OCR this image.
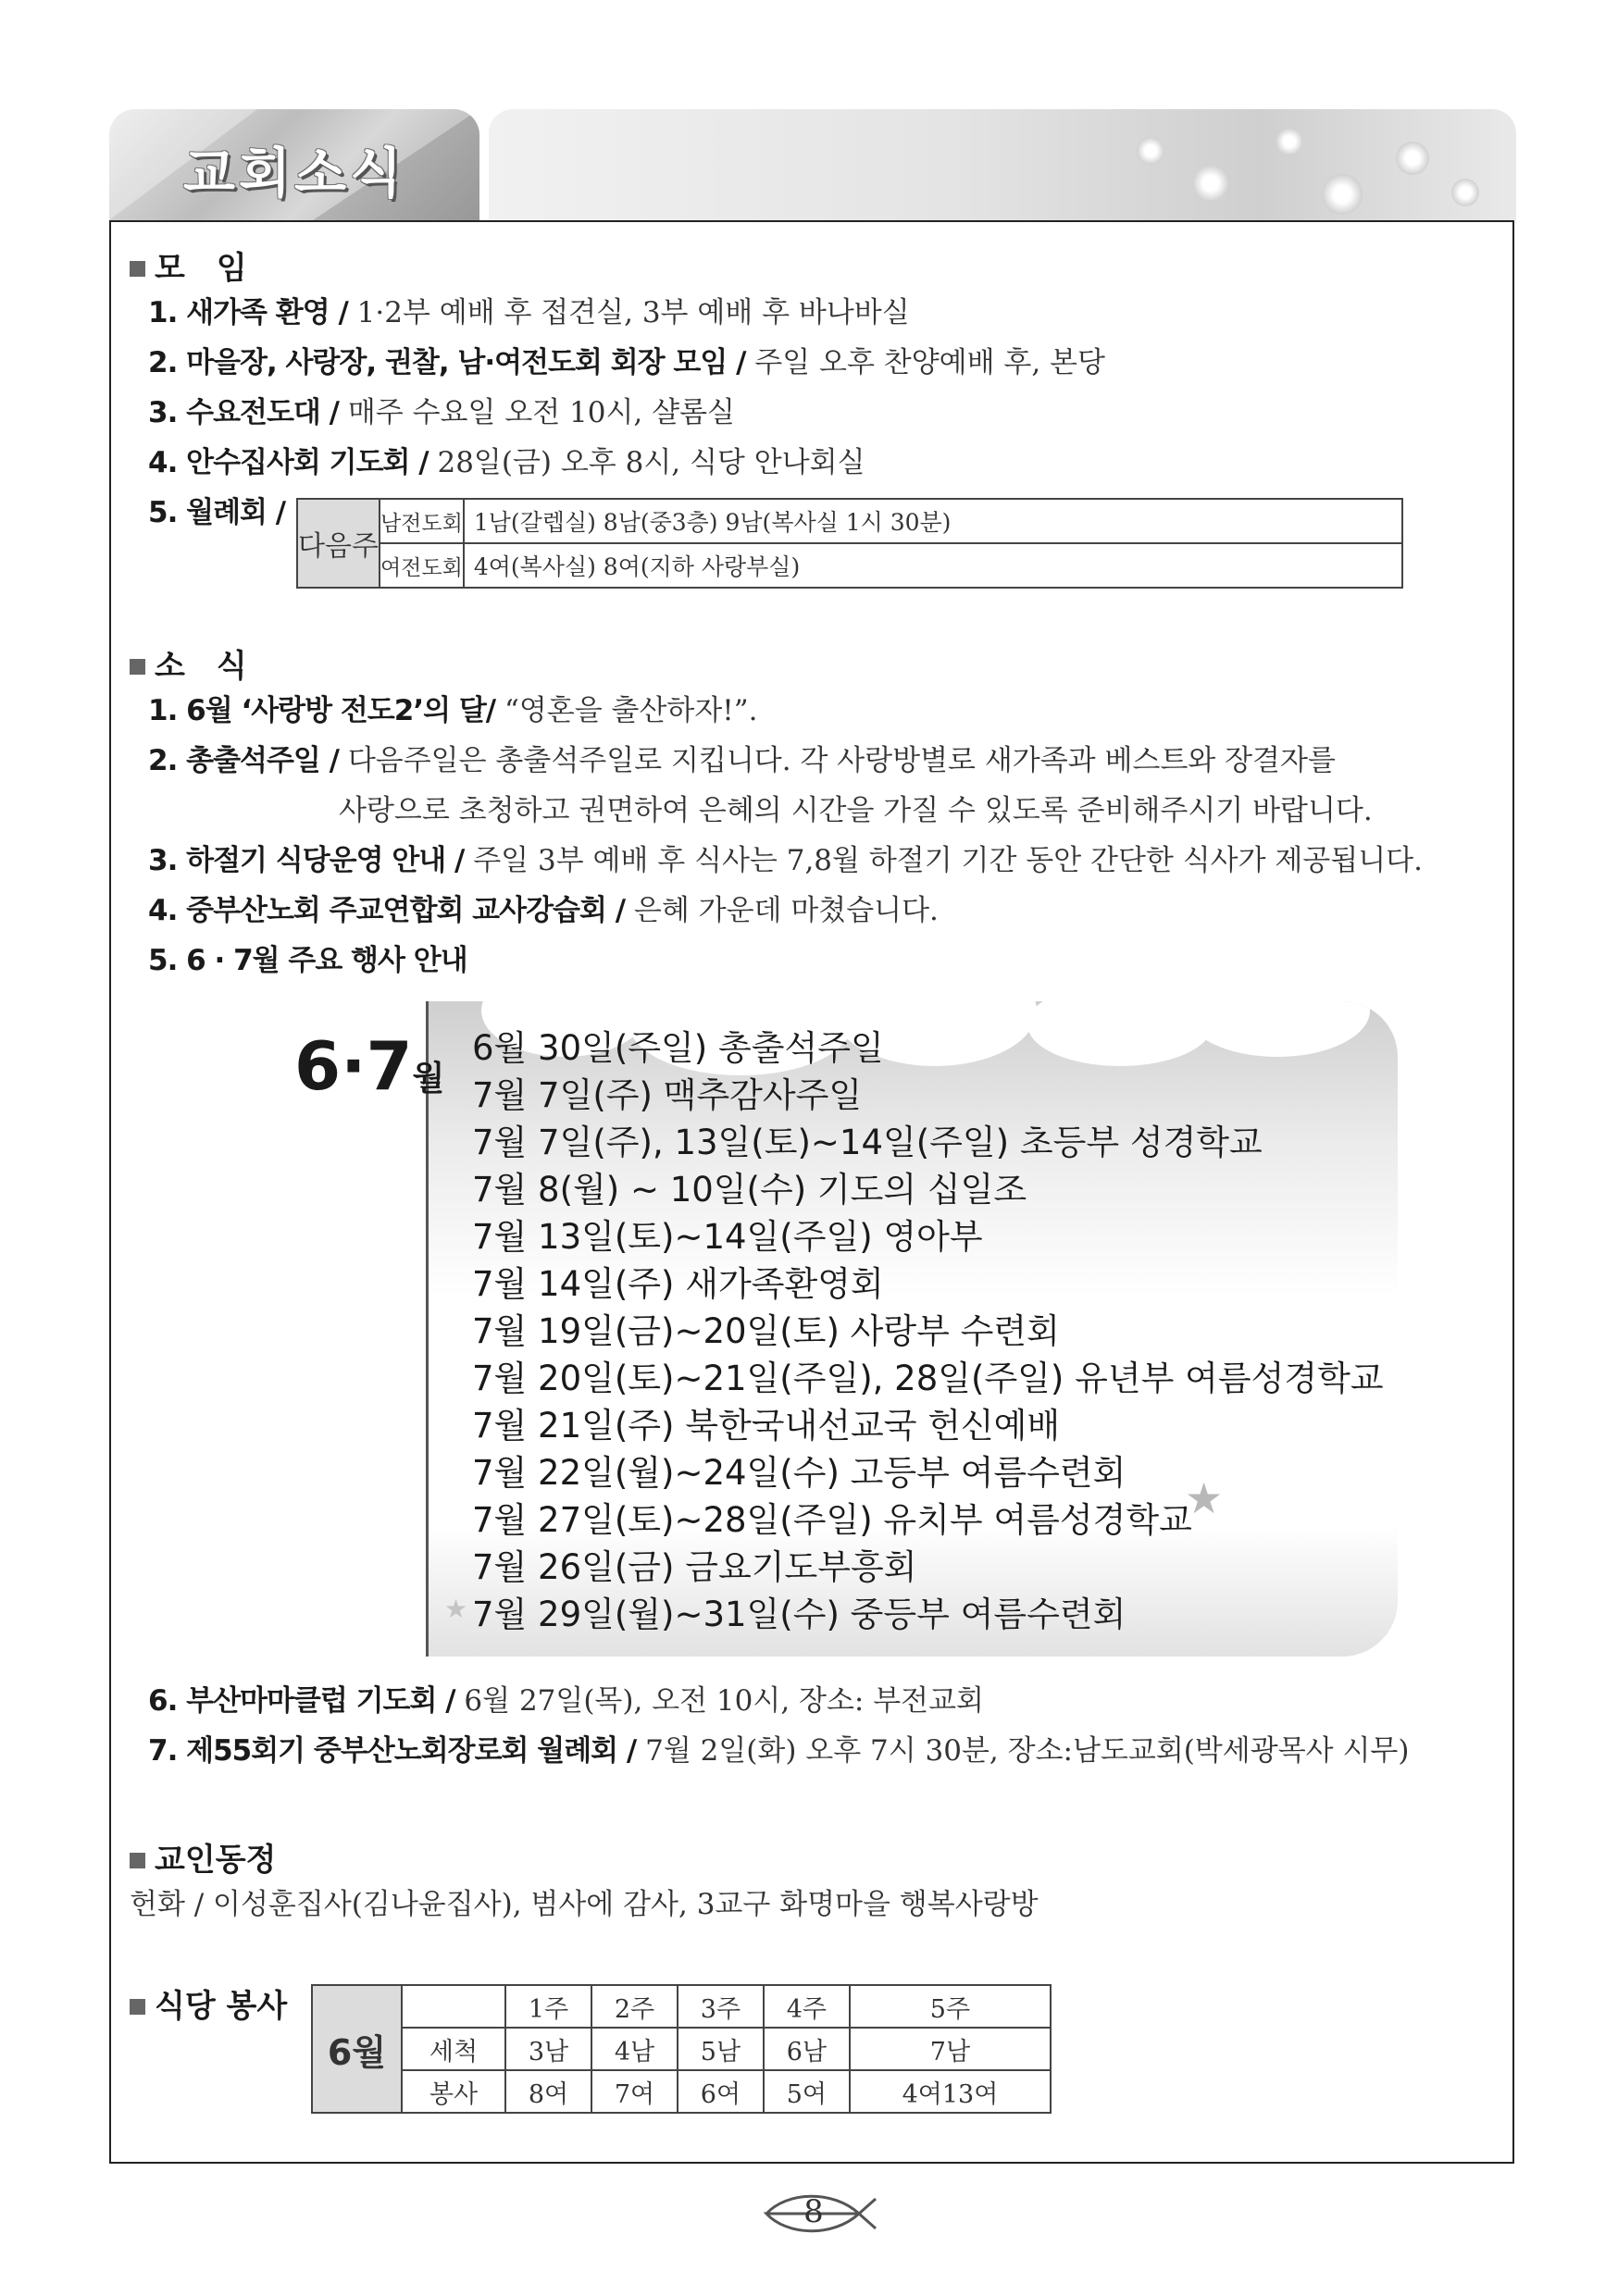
교회소식
모　임
1. 새가족 환영 / 1·2부 예배 후 접견실, 3부 예배 후 바나바실
2. 마을장, 사랑장, 권찰, 남·여전도회 회장 모임 / 주일 오후 찬양예배 후, 본당
3. 수요전도대 / 매주 수요일 오전 10시, 샬롬실
4. 안수집사회 기도회 / 28일(금) 오후 8시, 식당 안나회실
5. 월례회 /
다음주	남전도회	1남(갈렙실) 8남(중3층) 9남(복사실 1시 30분)
	여전도회	4여(복사실) 8여(지하 사랑부실)
소　식
1. 6월 ‘사랑방 전도2’의 달/ “영혼을 출산하자!”.
2. 총출석주일 / 다음주일은 총출석주일로 지킵니다. 각 사랑방별로 새가족과 베스트와 장결자를
사랑으로 초청하고 권면하여 은혜의 시간을 가질 수 있도록 준비해주시기 바랍니다.
3. 하절기 식당운영 안내 / 주일 3부 예배 후 식사는 7,8월 하절기 기간 동안 간단한 식사가 제공됩니다.
4. 중부산노회 주교연합회 교사강습회 / 은혜 가운데 마쳤습니다.
5. 6 · 7월 주요 행사 안내
★
★
6·7월
6월 30일(주일) 총출석주일
7월 7일(주) 맥추감사주일
7월 7일(주), 13일(토)~14일(주일) 초등부 성경학교
7월 8(월) ~ 10일(수) 기도의 십일조
7월 13일(토)~14일(주일) 영아부
7월 14일(주) 새가족환영회
7월 19일(금)~20일(토) 사랑부 수련회
7월 20일(토)~21일(주일), 28일(주일) 유년부 여름성경학교
7월 21일(주) 북한국내선교국 헌신예배
7월 22일(월)~24일(수) 고등부 여름수련회
7월 27일(토)~28일(주일) 유치부 여름성경학교
7월 26일(금) 금요기도부흥회
7월 29일(월)~31일(수) 중등부 여름수련회
6. 부산마마클럽 기도회 / 6월 27일(목), 오전 10시, 장소: 부전교회
7. 제55회기 중부산노회장로회 월례회 / 7월 2일(화) 오후 7시 30분, 장소:남도교회(박세광목사 시무)
교인동정
헌화 / 이성훈집사(김나윤집사), 범사에 감사, 3교구 화명마을 행복사랑방
식당 봉사
6월		1주	2주	3주	4주	5주
	세척	3남	4남	5남	6남	7남
	봉사	8여	7여	6여	5여	4여13여
8
